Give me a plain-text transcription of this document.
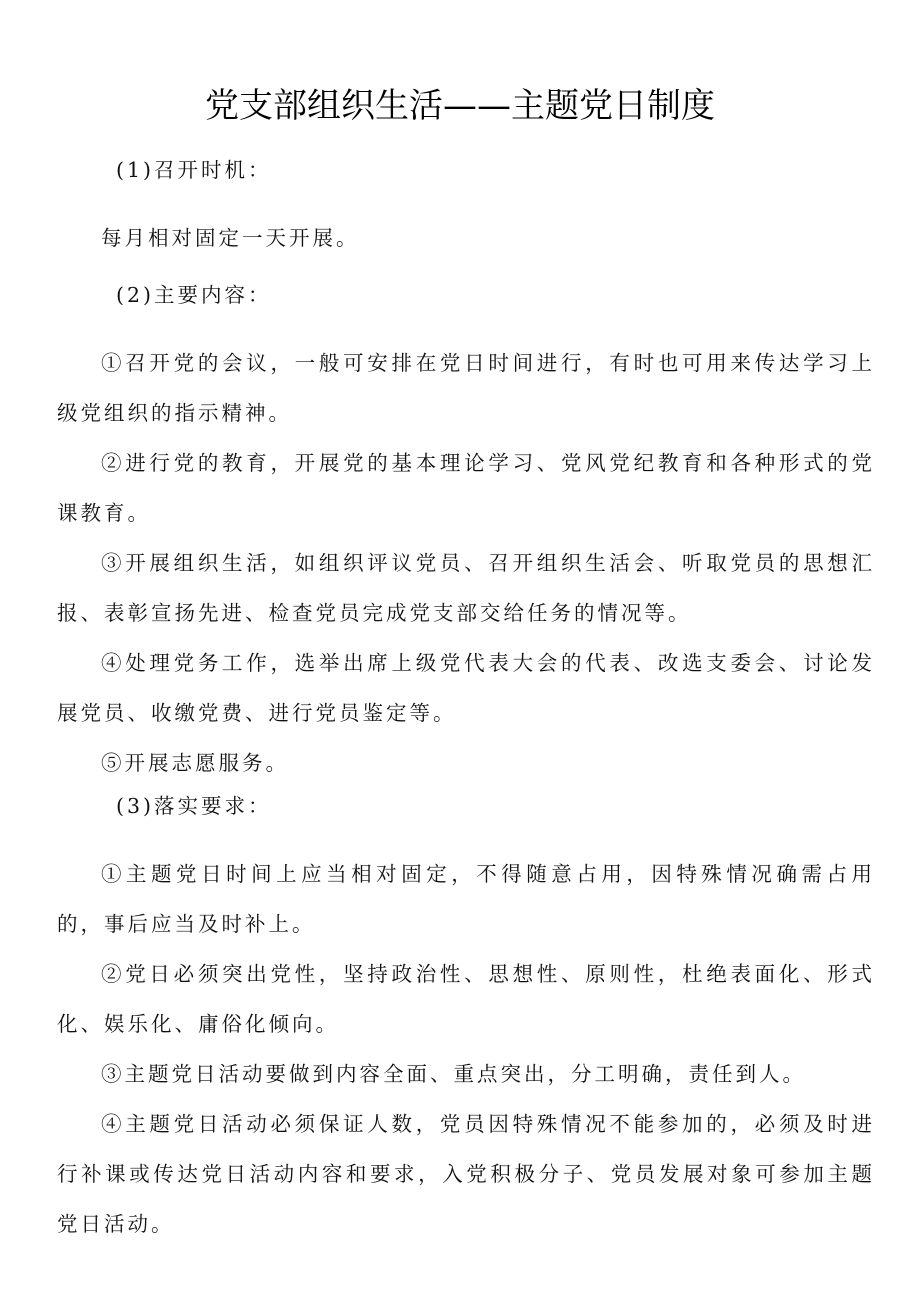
党支部组织生活——主题党日制度

(1)召开时机：

每月相对固定一天开展。

(2)主要内容：

①召开党的会议，一般可安排在党日时间进行，有时也可用来传达学习上级党组织的指示精神。

②进行党的教育，开展党的基本理论学习、党风党纪教育和各种形式的党课教育。

③开展组织生活，如组织评议党员、召开组织生活会、听取党员的思想汇报、表彰宣扬先进、检查党员完成党支部交给任务的情况等。

④处理党务工作，选举出席上级党代表大会的代表、改选支委会、讨论发展党员、收缴党费、进行党员鉴定等。

⑤开展志愿服务。

(3)落实要求：

①主题党日时间上应当相对固定，不得随意占用，因特殊情况确需占用的，事后应当及时补上。

②党日必须突出党性，坚持政治性、思想性、原则性，杜绝表面化、形式化、娱乐化、庸俗化倾向。

③主题党日活动要做到内容全面、重点突出，分工明确，责任到人。

④主题党日活动必须保证人数，党员因特殊情况不能参加的，必须及时进行补课或传达党日活动内容和要求，入党积极分子、党员发展对象可参加主题党日活动。
